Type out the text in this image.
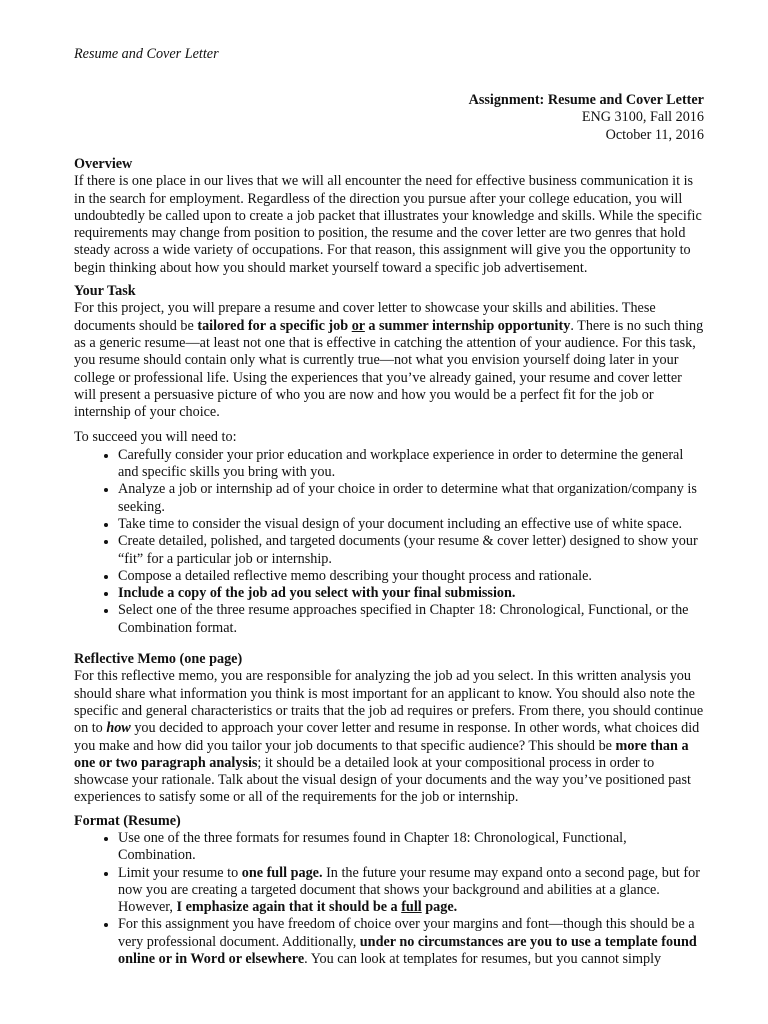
Resume and Cover Letter
Assignment: Resume and Cover Letter
ENG 3100, Fall 2016
October 11, 2016
Overview

If there is one place in our lives that we will all encounter the need for effective business communication it is in the search for employment. Regardless of the direction you pursue after your college education, you will undoubtedly be called upon to create a job packet that illustrates your knowledge and skills. While the specific requirements may change from position to position, the resume and the cover letter are two genres that hold steady across a wide variety of occupations. For that reason, this assignment will give you the opportunity to begin thinking about how you should market yourself toward a specific job advertisement.

Your Task

For this project, you will prepare a resume and cover letter to showcase your skills and abilities. These documents should be tailored for a specific job or a summer internship opportunity. There is no such thing as a generic resume—at least not one that is effective in catching the attention of your audience. For this task, you resume should contain only what is currently true—not what you envision yourself doing later in your college or professional life. Using the experiences that you’ve already gained, your resume and cover letter will present a persuasive picture of who you are now and how you would be a perfect fit for the job or internship of your choice.

To succeed you will need to:

• Carefully consider your prior education and workplace experience in order to determine the general and specific skills you bring with you.
• Analyze a job or internship ad of your choice in order to determine what that organization/company is seeking.
• Take time to consider the visual design of your document including an effective use of white space.
• Create detailed, polished, and targeted documents (your resume & cover letter) designed to show your “fit” for a particular job or internship.
• Compose a detailed reflective memo describing your thought process and rationale.
• Include a copy of the job ad you select with your final submission.
• Select one of the three resume approaches specified in Chapter 18: Chronological, Functional, or the Combination format.
Reflective Memo (one page)

For this reflective memo, you are responsible for analyzing the job ad you select. In this written analysis you should share what information you think is most important for an applicant to know. You should also note the specific and general characteristics or traits that the job ad requires or prefers. From there, you should continue on to how you decided to approach your cover letter and resume in response. In other words, what choices did you make and how did you tailor your job documents to that specific audience? This should be more than a one or two paragraph analysis; it should be a detailed look at your compositional process in order to showcase your rationale. Talk about the visual design of your documents and the way you’ve positioned past experiences to satisfy some or all of the requirements for the job or internship.

Format (Resume)
• Use one of the three formats for resumes found in Chapter 18: Chronological, Functional, Combination.
• Limit your resume to one full page. In the future your resume may expand onto a second page, but for now you are creating a targeted document that shows your background and abilities at a glance. However, I emphasize again that it should be a full page.
• For this assignment you have freedom of choice over your margins and font—though this should be a very professional document. Additionally, under no circumstances are you to use a template found online or in Word or elsewhere. You can look at templates for resumes, but you cannot simply
